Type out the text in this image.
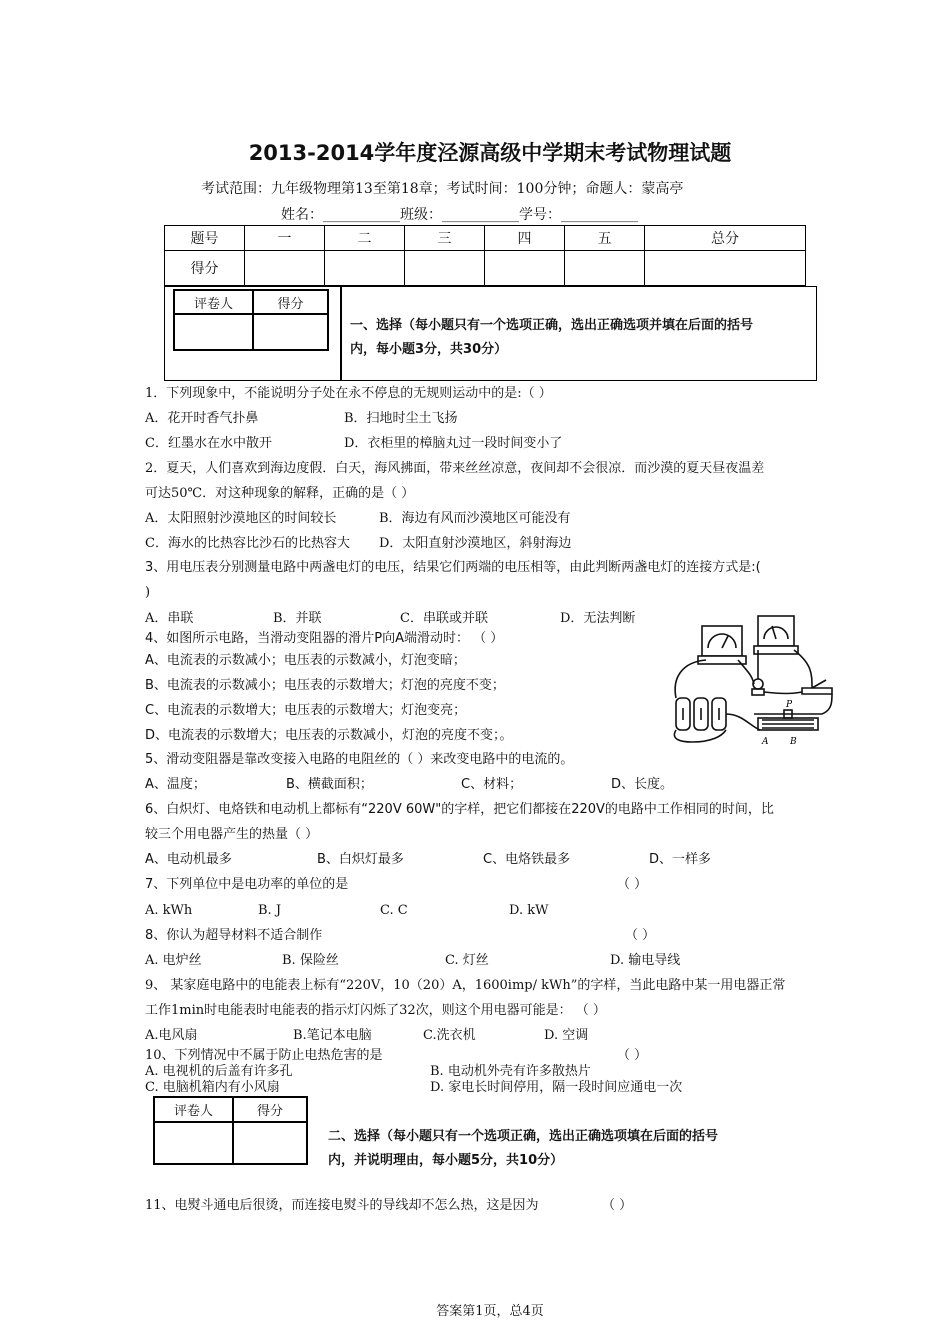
2013-2014学年度泾源高级中学期末考试物理试题
考试范围：九年级物理第13至第18章；考试时间：100分钟；命题人：蒙高亭
姓名：___________班级：___________学号：___________
题号	一	二	三	四	五	总分
得分						
评卷人	得分

一、选择（每小题只有一个选项正确，选出正确选项并填在后面的括号
内，每小题3分，共30分）
1．下列现象中，不能说明分子处在永不停息的无规则运动中的是:（ ）
A．花开时香气扑鼻	B．扫地时尘土飞扬
C．红墨水在水中散开	D．衣柜里的樟脑丸过一段时间变小了
2．夏天，人们喜欢到海边度假．白天，海风拂面，带来丝丝凉意，夜间却不会很凉．而沙漠的夏天昼夜温差
可达50℃．对这种现象的解释，正确的是（ ）
A．太阳照射沙漠地区的时间较长	B．海边有风而沙漠地区可能没有
C．海水的比热容比沙石的比热容大 D．太阳直射沙漠地区，斜射海边
3、用电压表分别测量电路中两盏电灯的电压，结果它们两端的电压相等，由此判断两盏电灯的连接方式是:(
)
A．串联	B．并联	C．串联或并联	D．无法判断
4、如图所示电路，当滑动变阻器的滑片P向A端滑动时： （ ）
A、电流表的示数减小；电压表的示数减小，灯泡变暗；
B、电流表的示数减小；电压表的示数增大；灯泡的亮度不变；
C、电流表的示数增大；电压表的示数增大；灯泡变亮；
D、电流表的示数增大；电压表的示数减小，灯泡的亮度不变；。
P
A B
5、滑动变阻器是靠改变接入电路的电阻丝的（ ）来改变电路中的电流的。
A、温度；	B、横截面积；	C、材料；	D、长度。
6、白炽灯、电烙铁和电动机上都标有“220V 60W"的字样，把它们都接在220V的电路中工作相同的时间，比
较三个用电器产生的热量（ ）
A、电动机最多	B、白炽灯最多	C、电烙铁最多	D、一样多
7、下列单位中是电功率的单位的是	（ ）
A. kWh	B. J	C. C	D. kW
8、你认为超导材料不适合制作	（ ）
A. 电炉丝	B. 保险丝	C. 灯丝	D. 输电导线
9、 某家庭电路中的电能表上标有“220V，10（20）A，1600imp/ kWh”的字样，当此电路中某一用电器正常
工作1min时电能表时电能表的指示灯闪烁了32次，则这个用电器可能是： （ ）
A.电风扇	B.笔记本电脑	C.洗衣机	D. 空调
10、下列情况中不属于防止电热危害的是	（ ）
A. 电视机的后盖有许多孔	B. 电动机外壳有许多散热片
C. 电脑机箱内有小风扇	D. 家电长时间停用，隔一段时间应通电一次
评卷人	得分

二、选择（每小题只有一个选项正确，选出正确选项填在后面的括号
内，并说明理由，每小题5分，共10分）
11、电熨斗通电后很烫，而连接电熨斗的导线却不怎么热，这是因为	（ ）
答案第1页，总4页
